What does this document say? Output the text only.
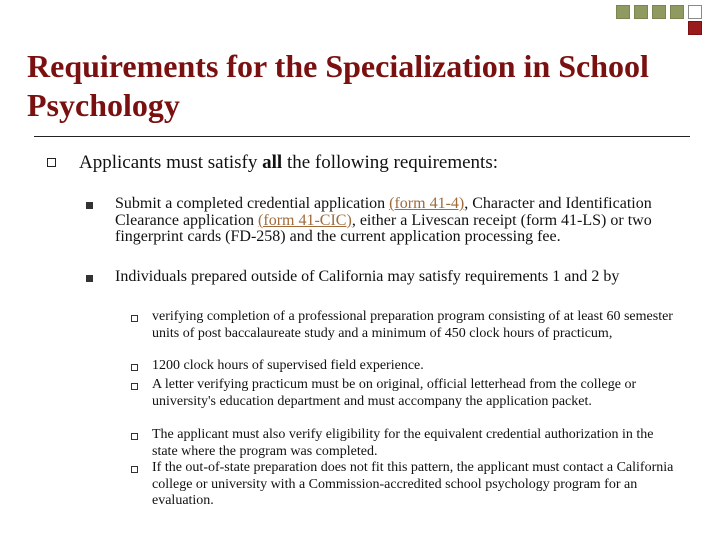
Requirements for the Specialization in School Psychology
Applicants must satisfy all the following requirements:

Submit a completed credential application (form 41-4), Character and Identification Clearance application (form 41-CIC), either a Livescan receipt (form 41-LS) or two fingerprint cards (FD-258) and the current application processing fee.

Individuals prepared outside of California may satisfy requirements 1 and 2 by

verifying completion of a professional preparation program consisting of at least 60 semester units of post baccalaureate study and a minimum of 450 clock hours of practicum,

1200 clock hours of supervised field experience.

A letter verifying practicum must be on original, official letterhead from the college or university's education department and must accompany the application packet.

The applicant must also verify eligibility for the equivalent credential authorization in the state where the program was completed.

If the out-of-state preparation does not fit this pattern, the applicant must contact a California college or university with a Commission-accredited school psychology program for an evaluation.
